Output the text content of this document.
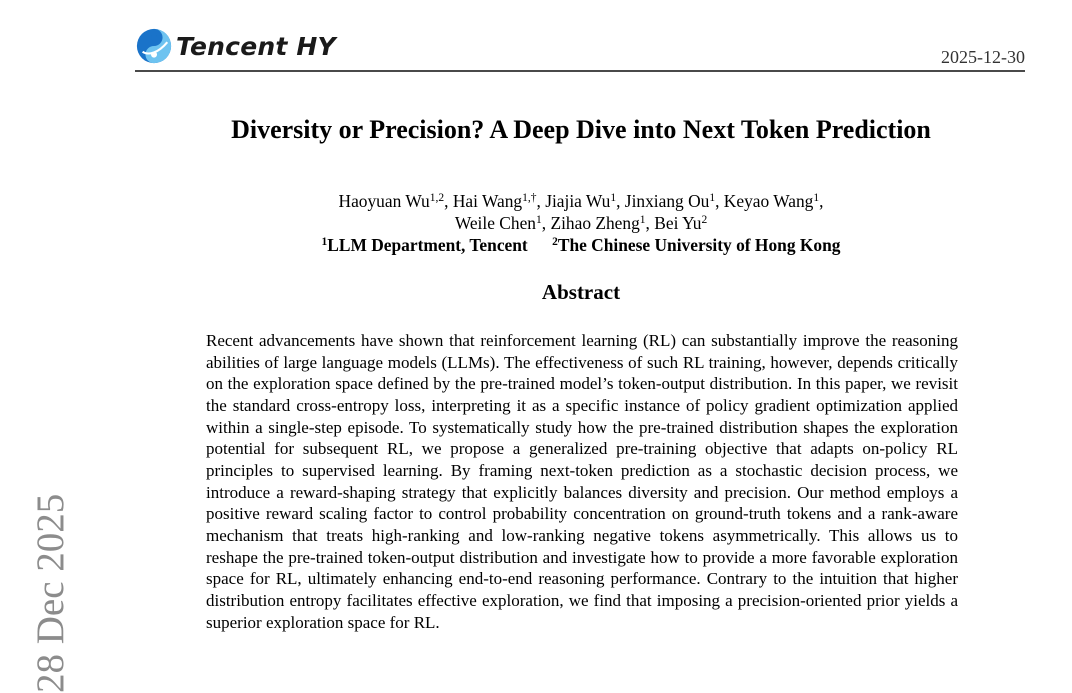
Tencent HY	2025-12-30
Diversity or Precision? A Deep Dive into Next Token Prediction
Haoyuan Wu$^{1,2}$, Hai Wang$^{1,\dagger}$, Jiajia Wu$^1$, Jinxiang Ou$^1$, Keyao Wang$^1$,
Weile Chen$^1$, Zihao Zheng$^1$, Bei Yu$^2$
$^1$LLM Department, Tencent $^2$The Chinese University of Hong Kong
Abstract

Recent advancements have shown that reinforcement learning (RL) can substantially improve the reasoning abilities of large language models (LLMs). The effectiveness of such RL training, however, depends critically on the exploration space defined by the pre-trained model’s token-output distribution. In this paper, we revisit the standard cross-entropy loss, interpreting it as a specific instance of policy gradient optimization applied within a single-step episode. To systematically study how the pre-trained distribution shapes the exploration potential for subsequent RL, we propose a generalized pre-training objective that adapts on-policy RL principles to supervised learning. By framing next-token prediction as a stochastic decision process, we introduce a reward-shaping strategy that explicitly balances diversity and precision. Our method employs a positive reward scaling factor to control probability concentration on ground-truth tokens and a rank-aware mechanism that treats high-ranking and low-ranking negative tokens asymmetrically. This allows us to reshape the pre-trained token-output distribution and investigate how to provide a more favorable exploration space for RL, ultimately enhancing end-to-end reasoning performance. Contrary to the intuition that higher distribution entropy facilitates effective exploration, we find that imposing a precision-oriented prior yields a superior exploration space for RL.

28 Dec 2025
